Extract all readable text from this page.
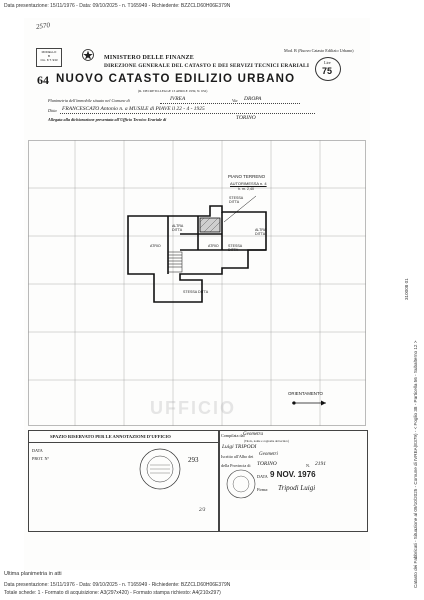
Data presentazione: 15/11/1976 - Data: 09/10/2025 - n. T165949 - Richiedente: BZZCLD60H06E379N
2570
MODELLO
B
Om. 8 T. 933	MINISTERO DELLE FINANZE
DIREZIONE GENERALE DEL CATASTO E DEI SERVIZI TECNICI ERARIALI
Mod. B (Nuovo Catasto Edilizio Urbano)
Lire
75
64 NUOVO CATASTO EDILIZIO URBANO
(R. DECRETO-LEGGE 13 APRILE 1939, N. 652)
Planimetria dell'immobile situato nel Comune di	IVREA	Via DROPA
Ditta FRANCESCATO Antonio n. a MUSILE di PIAVE il 22 - 4 - 1925
Allegata alla dichiarazione presentata all'Ufficio Tecnico Erariale di	TORINO
PIANO TERRENO
AUTORIMESSA n. 4
h. m. 2,40
STESSA DITTA
ALTRA DITTA
ALTRA DITTA
STESSA DITTA
ATRIO	ATRIO
STESSA DITTA
ORIENTAMENTO
UFFICIO
SPAZIO RISERVATO PER LE ANNOTAZIONI D'UFFICIO
DATA
PROT. N°	293
2/3
Compilata dal
Geometra
(Titolo, nome e cognome del tecnico)
Luigi TRIPODI
Iscritto all'Albo dei Geometri
della Provincia di TORINO	N. 2191
DATA 9 NOV. 1976
Firma: Tripodi Luigi	Catasto dei Fabbricati - Situazione al 09/10/2025 - Comune di IVREA(E379) - < Foglio 38 - Particella 56 - Subalterno 12 >
310008 01
Ultima planimetria in atti
Data presentazione: 15/11/1976 - Data: 09/10/2025 - n. T165949 - Richiedente: BZZCLD60H06E379N
Totale schede: 1 - Formato di acquisizione: A3(297x420) - Formato stampa richiesto: A4(210x297)
